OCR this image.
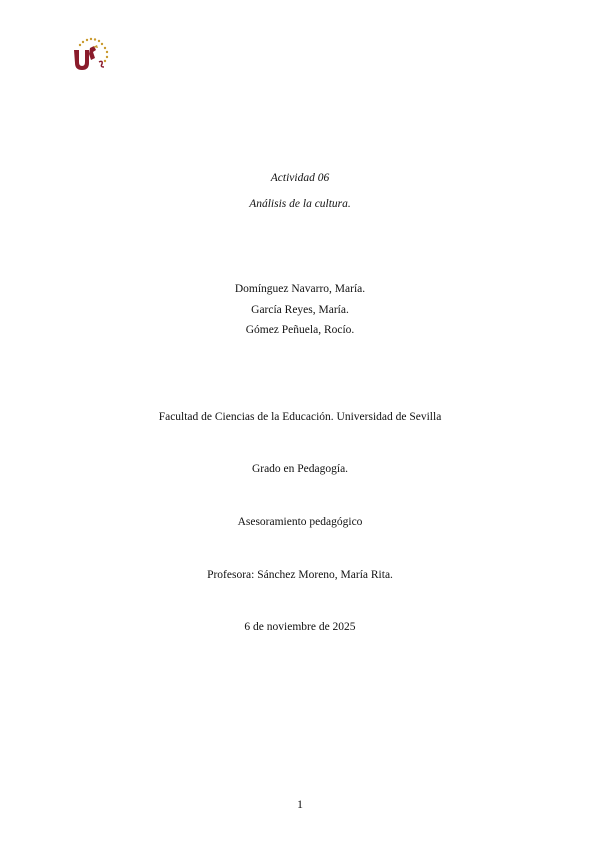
Actividad 06
Análisis de la cultura.
Domínguez Navarro, María.
García Reyes, María.
Gómez Peñuela, Rocío.
Facultad de Ciencias de la Educación. Universidad de Sevilla
Grado en Pedagogía.
Asesoramiento pedagógico
Profesora: Sánchez Moreno, María Rita.
6 de noviembre de 2025
1
